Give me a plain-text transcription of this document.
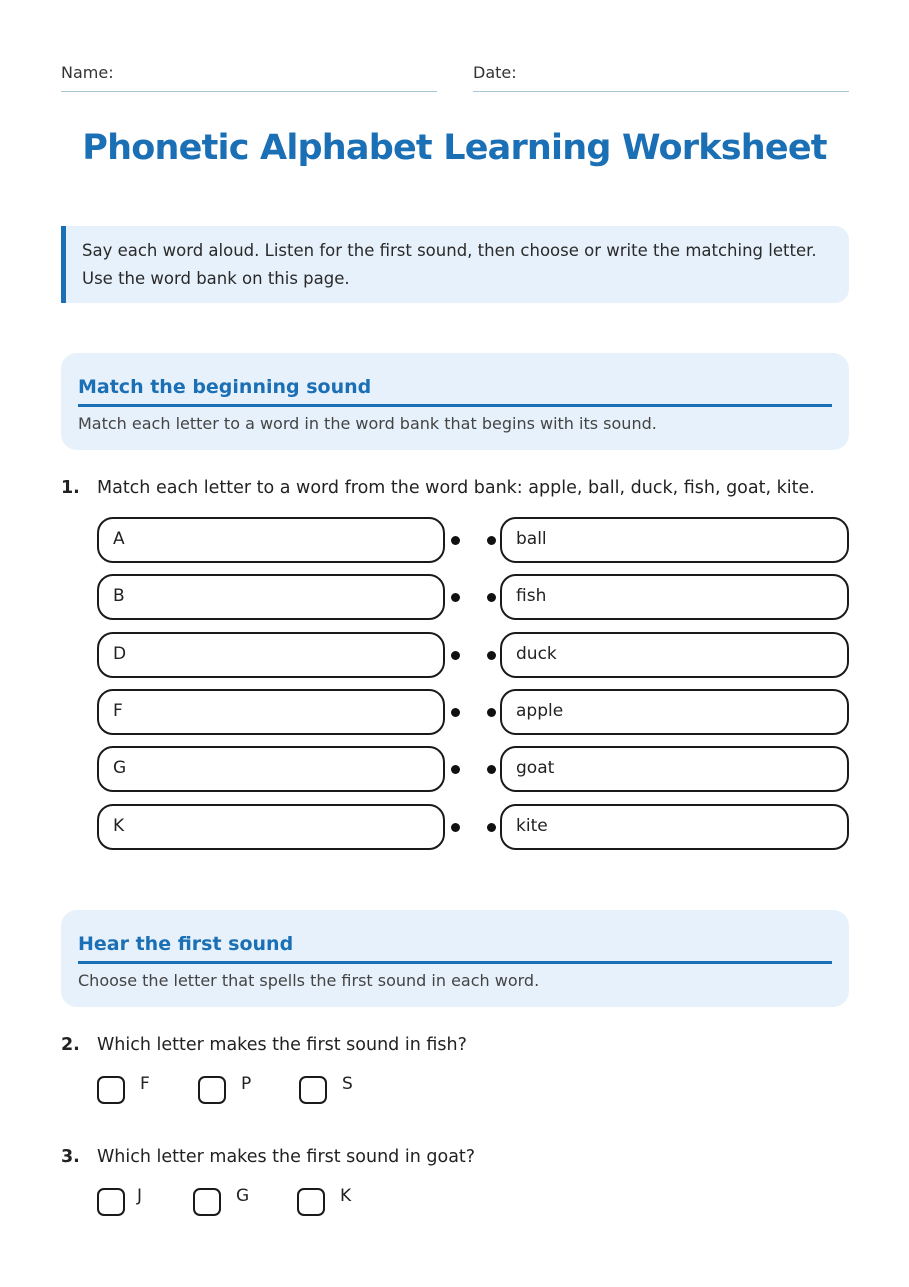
Name:	Date:
Phonetic Alphabet Learning Worksheet
Say each word aloud. Listen for the first sound, then choose or write the matching letter.
Use the word bank on this page.
Match the beginning sound
Match each letter to a word in the word bank that begins with its sound.
1. Match each letter to a word from the word bank: apple, ball, duck, fish, goat, kite.
A	ball
B	fish
D	duck
F	apple
G	goat
K	kite
Hear the first sound
Choose the letter that spells the first sound in each word.
2. Which letter makes the first sound in fish?
F	P	S
3. Which letter makes the first sound in goat?
J	G	K
